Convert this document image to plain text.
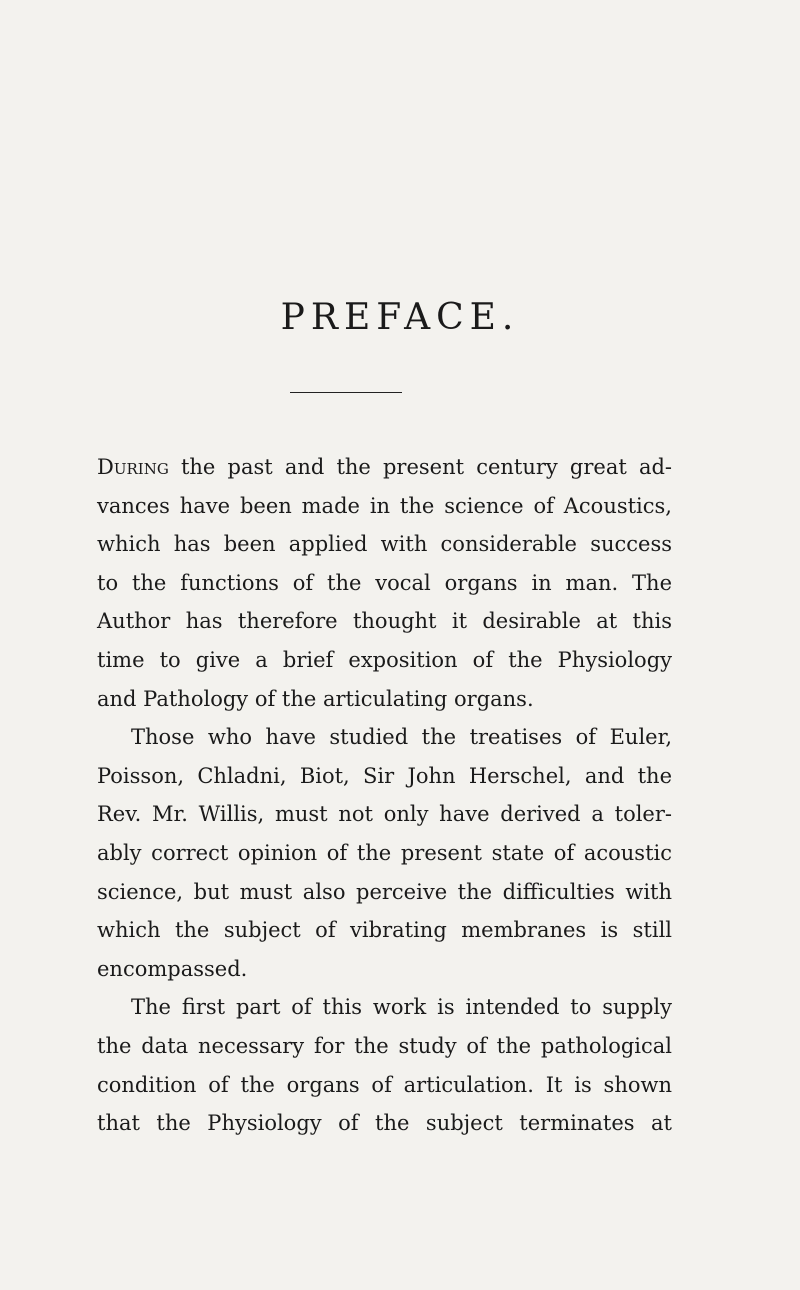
PREFACE.
During the past and the present century great ad-
vances have been made in the science of Acoustics,
which has been applied with considerable success
to the functions of the vocal organs in man. The
Author has therefore thought it desirable at this
time to give a brief exposition of the Physiology
and Pathology of the articulating organs.
Those who have studied the treatises of Euler,
Poisson, Chladni, Biot, Sir John Herschel, and the
Rev. Mr. Willis, must not only have derived a toler-
ably correct opinion of the present state of acoustic
science, but must also perceive the difficulties with
which the subject of vibrating membranes is still
encompassed.
The first part of this work is intended to supply
the data necessary for the study of the pathological
condition of the organs of articulation. It is shown
that the Physiology of the subject terminates at
